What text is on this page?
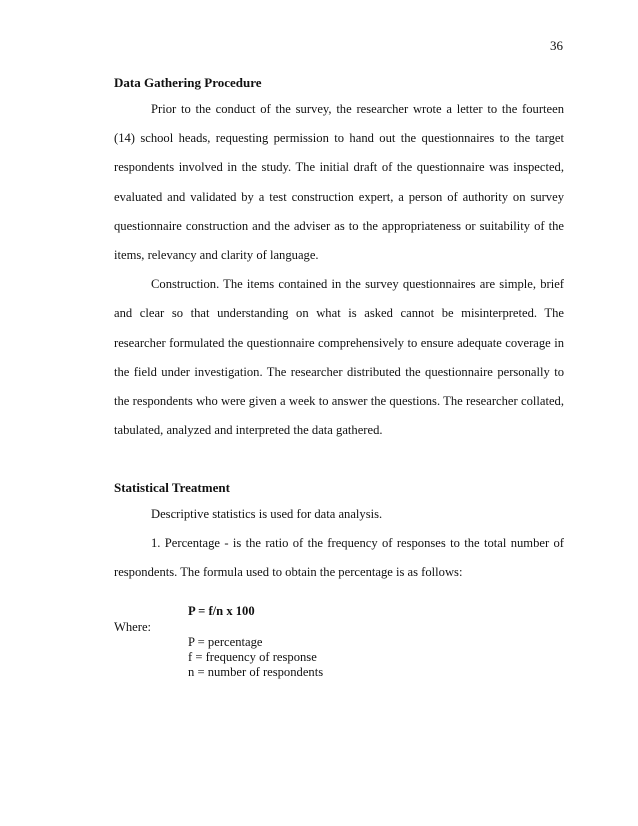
36
Data Gathering Procedure

Prior to the conduct of the survey, the researcher wrote a letter to the fourteen (14) school heads, requesting permission to hand out the questionnaires to the target respondents involved in the study. The initial draft of the questionnaire was inspected, evaluated and validated by a test construction expert, a person of authority on survey questionnaire construction and the adviser as to the appropriateness or suitability of the items, relevancy and clarity of language.

Construction. The items contained in the survey questionnaires are simple, brief and clear so that understanding on what is asked cannot be misinterpreted. The researcher formulated the questionnaire comprehensively to ensure adequate coverage in the field under investigation. The researcher distributed the questionnaire personally to the respondents who were given a week to answer the questions. The researcher collated, tabulated, analyzed and interpreted the data gathered.

Statistical Treatment

Descriptive statistics is used for data analysis.

1. Percentage - is the ratio of the frequency of responses to the total number of respondents. The formula used to obtain the percentage is as follows:

P = f/n x 100
Where:
P = percentage
f = frequency of response
n = number of respondents
